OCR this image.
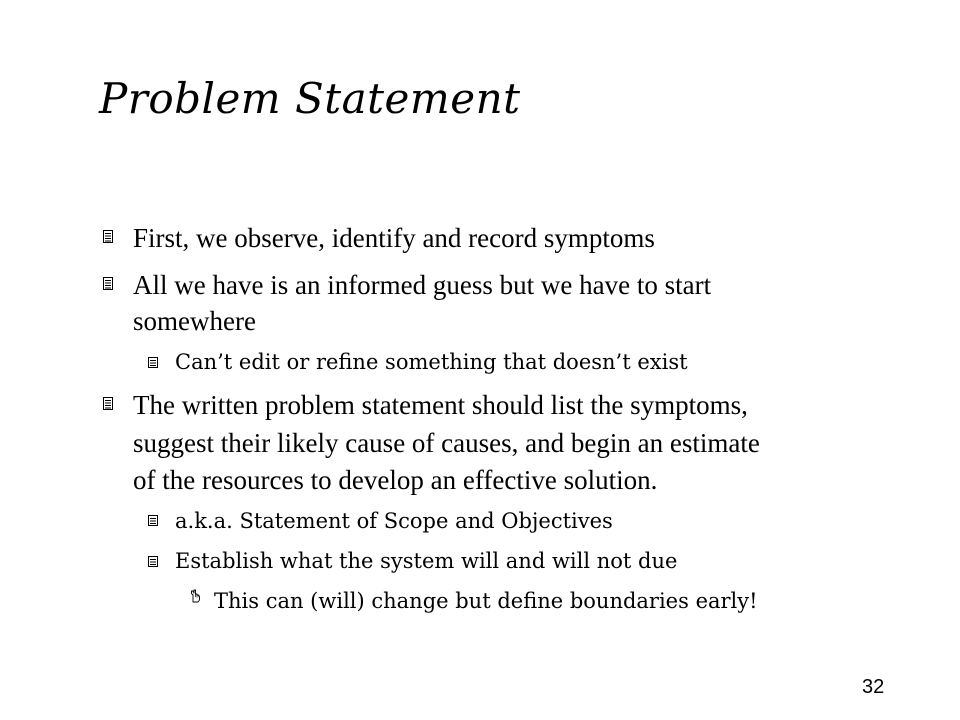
Problem Statement
First, we observe, identify and record symptoms
All we have is an informed guess but we have to start
somewhere
Can’t edit or refine something that doesn’t exist
The written problem statement should list the symptoms,
suggest their likely cause of causes, and begin an estimate
of the resources to develop an effective solution.
a.k.a. Statement of Scope and Objectives
Establish what the system will and will not due
This can (will) change but define boundaries early!
32
